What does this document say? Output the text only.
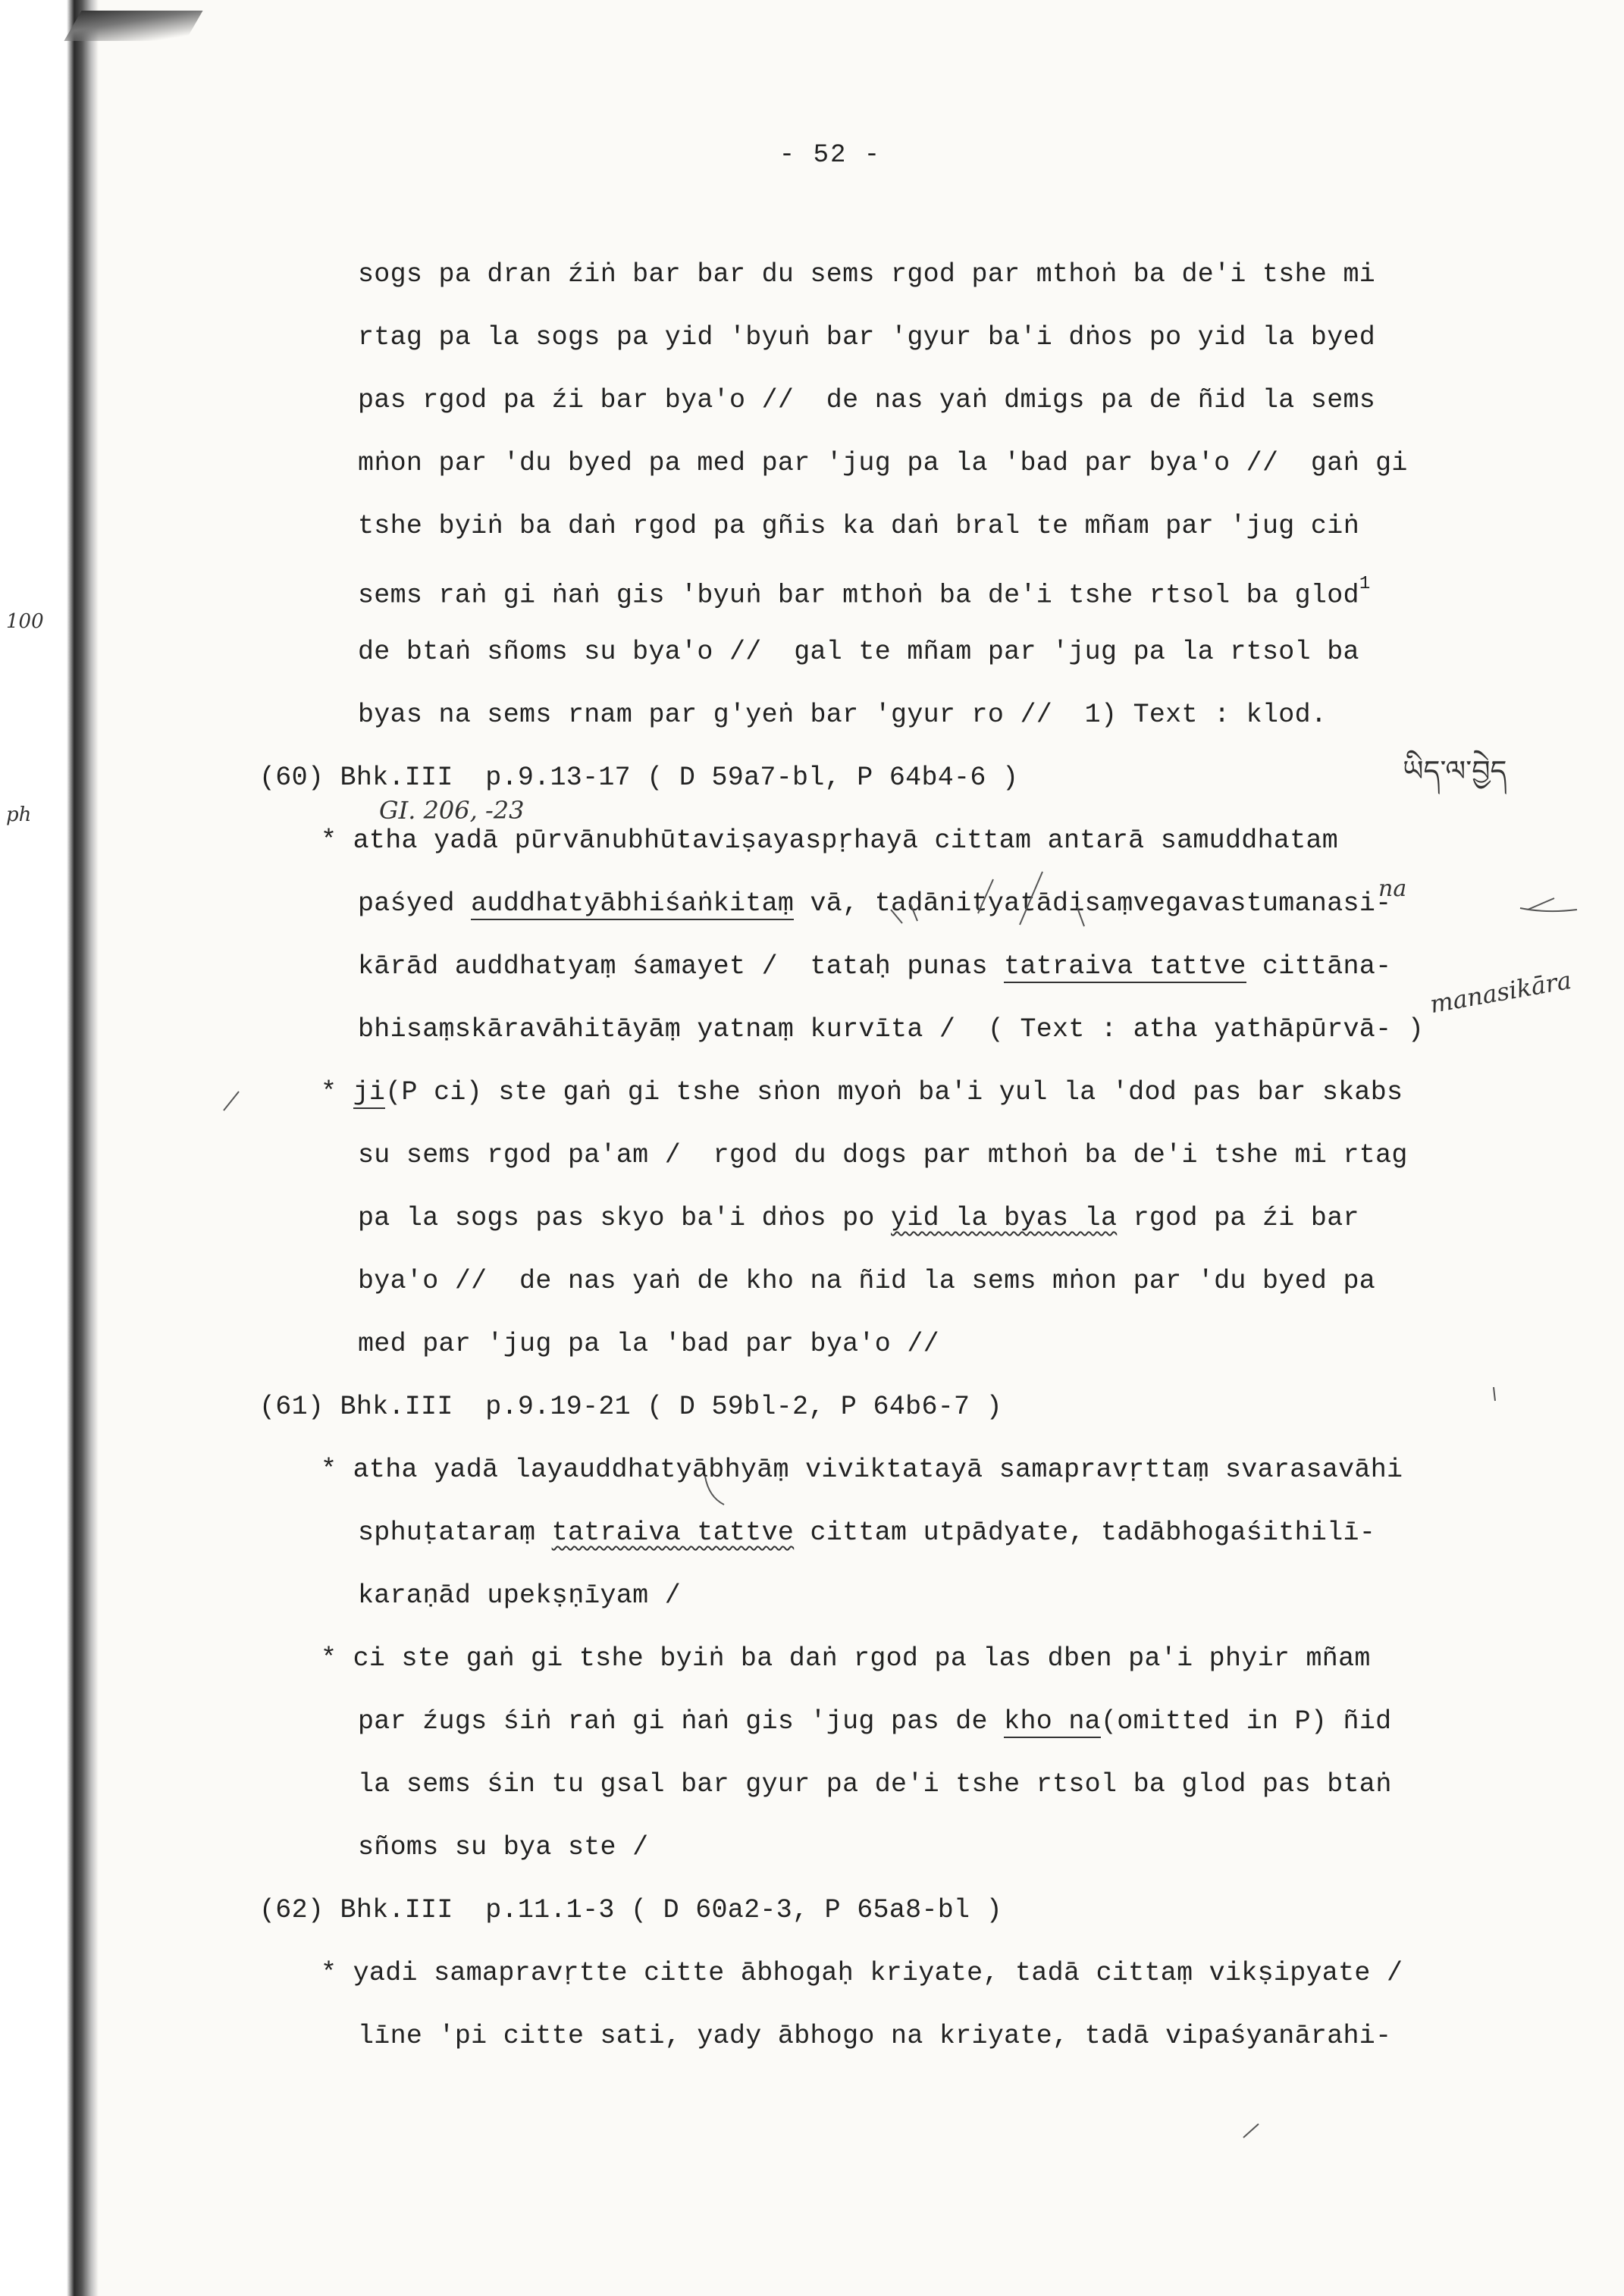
- 52 -
sogs pa dran źiṅ bar bar du sems rgod par mthoṅ ba de'i tshe mi
rtag pa la sogs pa yid 'byuṅ bar 'gyur ba'i dṅos po yid la byed
pas rgod pa źi bar bya'o //  de nas yaṅ dmigs pa de ñid la sems
mṅon par 'du byed pa med par 'jug pa la 'bad par bya'o //  gaṅ gi
tshe byiṅ ba daṅ rgod pa gñis ka daṅ bral te mñam par 'jug ciṅ
sems raṅ gi ṅaṅ gis 'byuṅ bar mthoṅ ba de'i tshe rtsol ba glod$^1$
de btaṅ sñoms su bya'o //  gal te mñam par 'jug pa la rtsol ba
byas na sems rnam par g'yeṅ bar 'gyur ro //  1) Text : klod.
(60) Bhk.III  p.9.13-17 ( D 59a7-bl, P 64b4-6 )
* atha yadā pūrvānubhūtaviṣayaspṛhayā cittam antarā samuddhatam
paśyed auddhatyābhiśaṅkitaṃ vā, tadānityatādisaṃvegavastumanasi-
kārād auddhatyaṃ śamayet /  tataḥ punas tatraiva tattve cittāna-
bhisaṃskāravāhitāyāṃ yatnaṃ kurvīta /  ( Text : atha yathāpūrvā- )
* ji(P ci) ste gaṅ gi tshe sṅon myoṅ ba'i yul la 'dod pas bar skabs
su sems rgod pa'am /  rgod du dogs par mthoṅ ba de'i tshe mi rtag
pa la sogs pas skyo ba'i dṅos po yid la byas la rgod pa źi bar
bya'o //  de nas yaṅ de kho na ñid la sems mṅon par 'du byed pa
med par 'jug pa la 'bad par bya'o //
(61) Bhk.III  p.9.19-21 ( D 59bl-2, P 64b6-7 )
* atha yadā layauddhatyābhyāṃ viviktatayā samapravṛttaṃ svarasavāhi
sphuṭataraṃ tatraiva tattve cittam utpādyate, tadābhogaśithilī-
karaṇād upekṣṇīyam /
* ci ste gaṅ gi tshe byiṅ ba daṅ rgod pa las dben pa'i phyir mñam
par źugs śiṅ raṅ gi ṅaṅ gis 'jug pas de kho na(omitted in P) ñid
la sems śin tu gsal bar gyur pa de'i tshe rtsol ba glod pas btaṅ
sñoms su bya ste /
(62) Bhk.III  p.11.1-3 ( D 60a2-3, P 65a8-bl )
* yadi samapravṛtte citte ābhogaḥ kriyate, tadā cittaṃ vikṣipyate /
līne 'pi citte sati, yady ābhogo na kriyate, tadā vipaśyanārahi-
GI. 206, -23
na
manasikāra
ཡིད་ལ་བྱེད
100
ph
